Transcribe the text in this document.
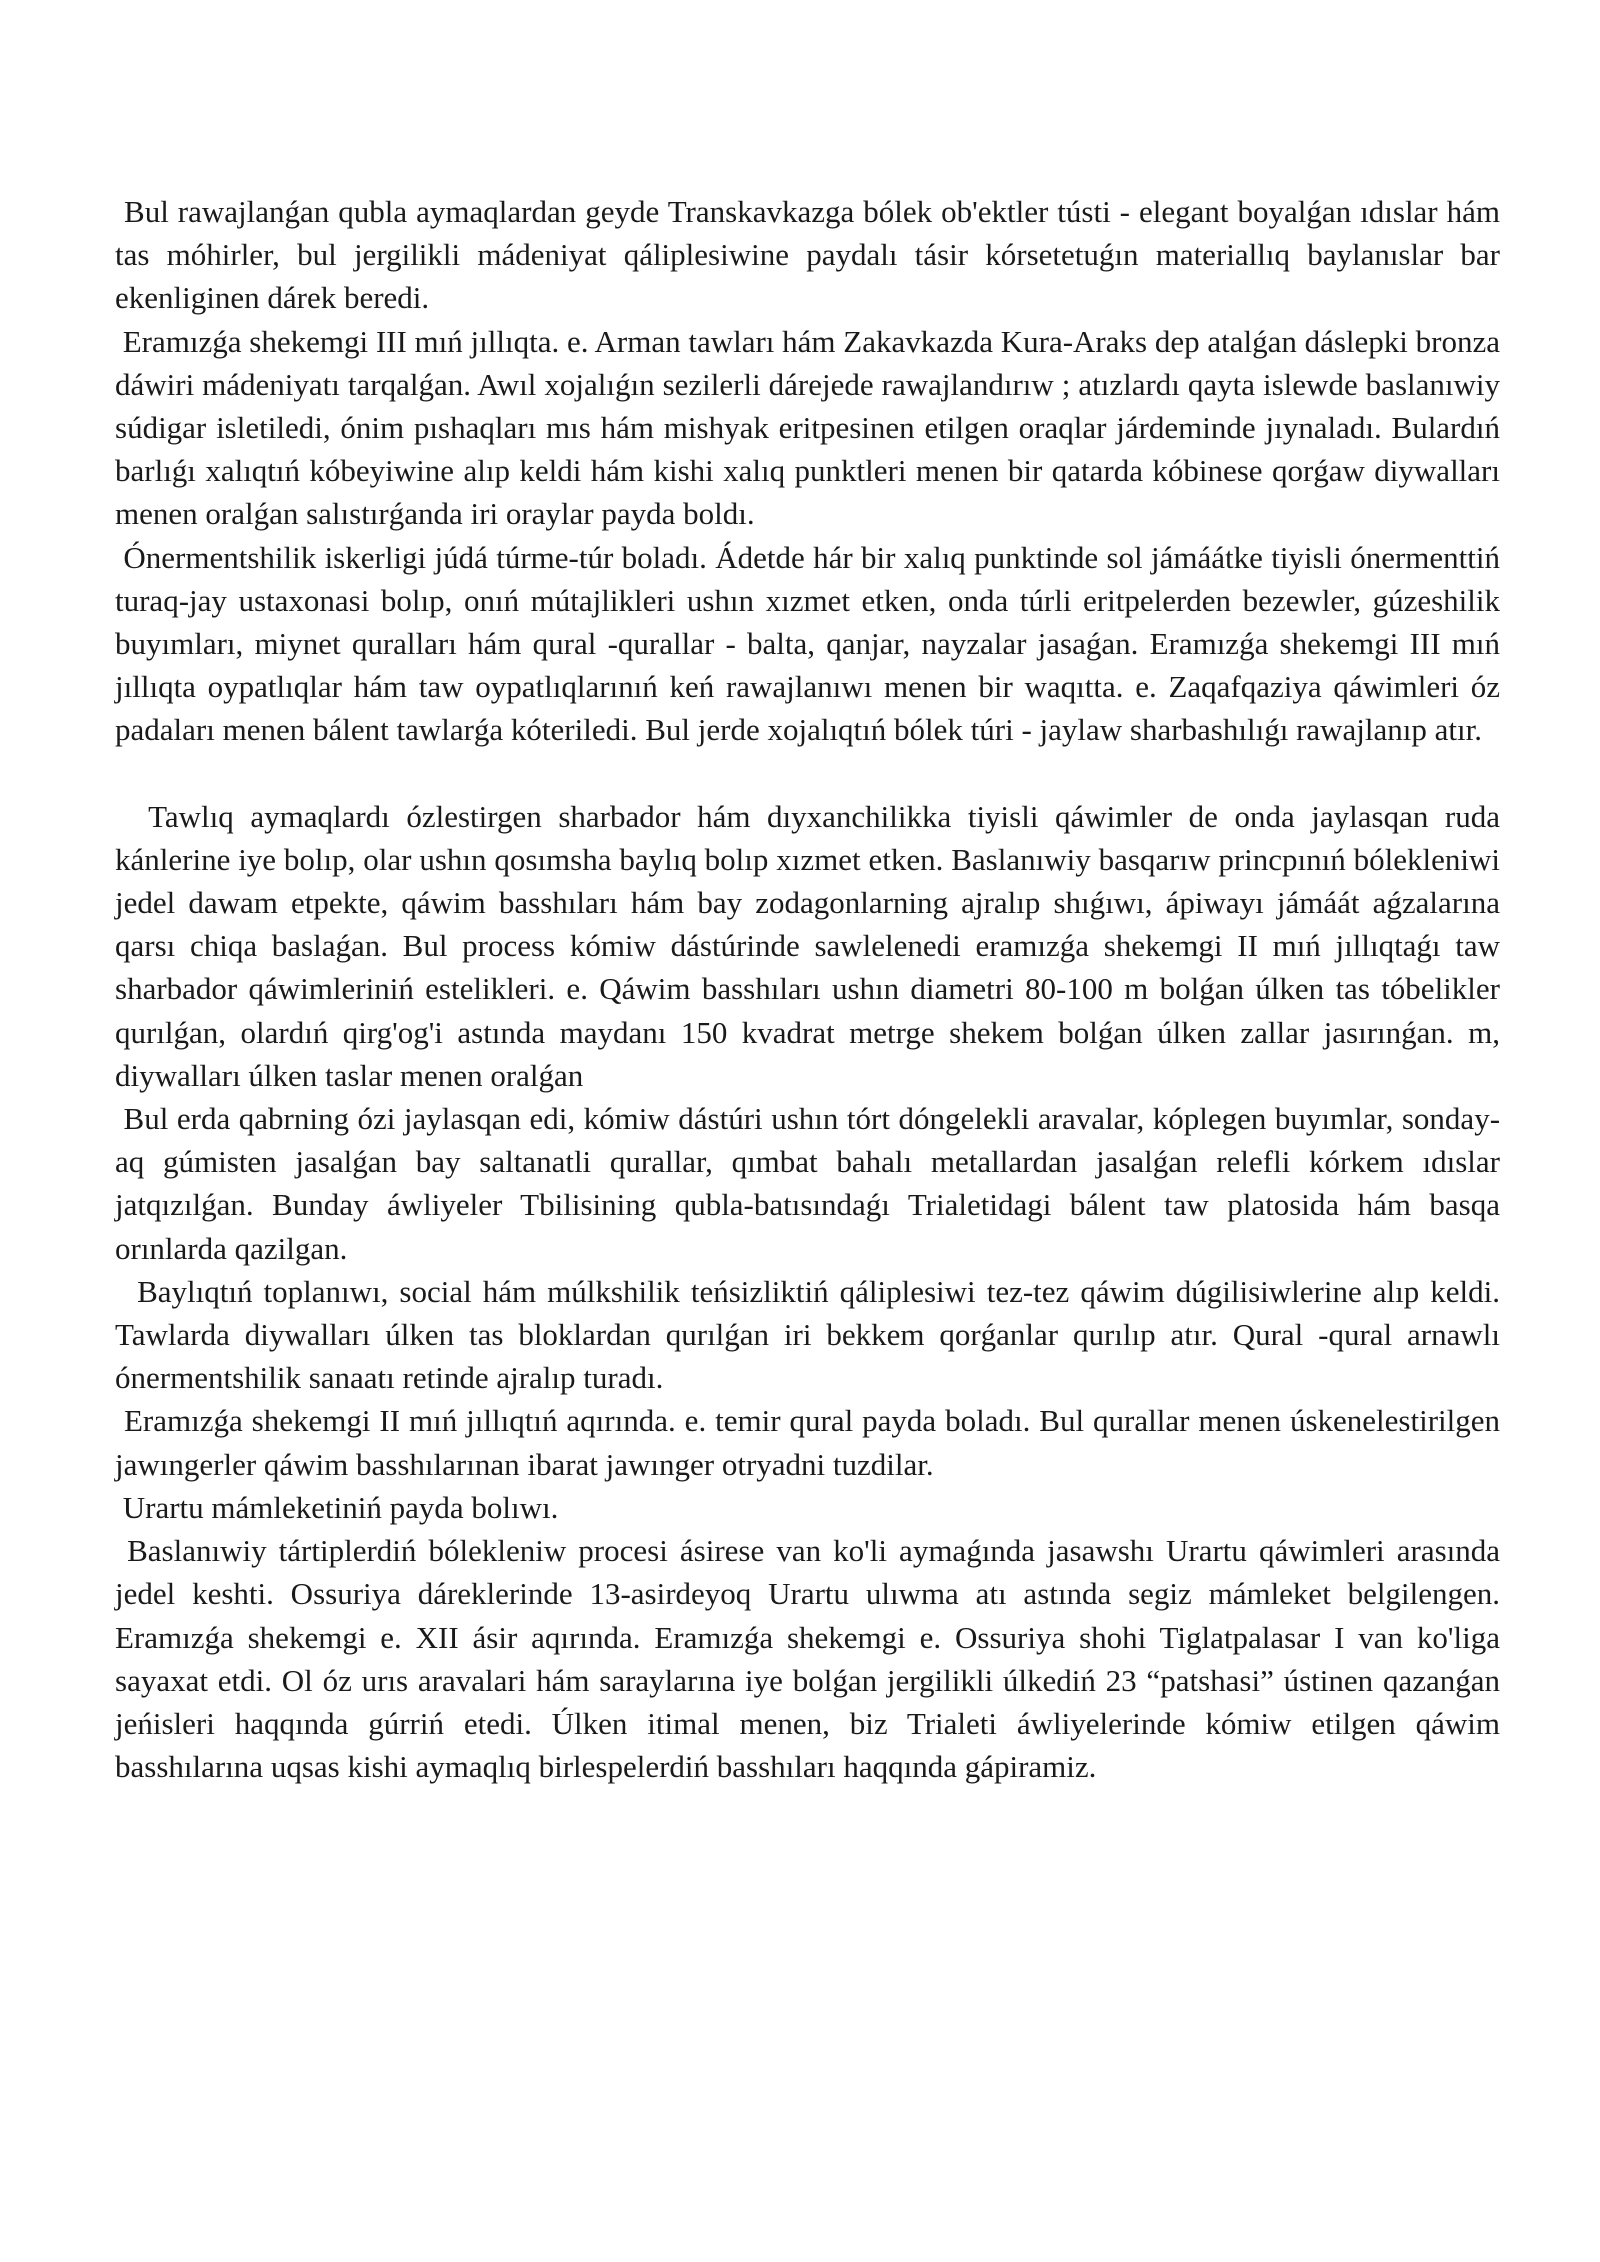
Bul rawajlanǵan qubla aymaqlardan geyde Transkavkazga bólek ob'ektler tústi - elegant boyalǵan ıdıslar hám tas móhirler, bul jergilikli mádeniyat qáliplesiwine paydalı tásir kórsetetuǵın materiallıq baylanıslar bar ekenliginen dárek beredi.

Eramızǵa shekemgi III mıń jıllıqta. e. Arman tawları hám Zakavkazda Kura-Araks dep atalǵan dáslepki bronza dáwiri mádeniyatı tarqalǵan. Awıl xojalıǵın sezilerli dárejede rawajlandırıw ; atızlardı qayta islewde baslanıwiy súdigar isletiledi, ónim pıshaqları mıs hám mishyak eritpesinen etilgen oraqlar járdeminde jıynaladı. Bulardıń barlıǵı xalıqtıń kóbeyiwine alıp keldi hám kishi xalıq punktleri menen bir qatarda kóbinese qorǵaw diywalları menen oralǵan salıstırǵanda iri oraylar payda boldı.

Ónermentshilik iskerligi júdá túrme-túr boladı. Ádetde hár bir xalıq punktinde sol jámáátke tiyisli ónermenttiń turaq-jay ustaxonasi bolıp, onıń mútajlikleri ushın xızmet etken, onda túrli eritpelerden bezewler, gúzeshilik buyımları, miynet quralları hám qural -qurallar - balta, qanjar, nayzalar jasaǵan. Eramızǵa shekemgi III mıń jıllıqta oypatlıqlar hám taw oypatlıqlarınıń keń rawajlanıwı menen bir waqıtta. e. Zaqafqaziya qáwimleri óz padaları menen bálent tawlarǵa kóteriledi. Bul jerde xojalıqtıń bólek túri - jaylaw sharbashılıǵı rawajlanıp atır.

Tawlıq aymaqlardı ózlestirgen sharbador hám dıyxanchilikka tiyisli qáwimler de onda jaylasqan ruda kánlerine iye bolıp, olar ushın qosımsha baylıq bolıp xızmet etken. Baslanıwiy basqarıw princpınıń bólekleniwi jedel dawam etpekte, qáwim basshıları hám bay zodagonlarning ajralıp shıǵıwı, ápiwayı jámáát aǵzalarına qarsı chiqa baslaǵan. Bul process kómiw dástúrinde sawlelenedi eramızǵa shekemgi II mıń jıllıqtaǵı taw sharbador qáwimleriniń estelikleri. e. Qáwim basshıları ushın diametri 80-100 m bolǵan úlken tas tóbelikler qurılǵan, olardıń qirg'og'i astında maydanı 150 kvadrat metrge shekem bolǵan úlken zallar jasırınǵan. m, diywalları úlken taslar menen oralǵan

Bul erda qabrning ózi jaylasqan edi, kómiw dástúri ushın tórt dóngelekli aravalar, kóplegen buyımlar, sonday-aq gúmisten jasalǵan bay saltanatli qurallar, qımbat bahalı metallardan jasalǵan relefli kórkem ıdıslar jatqızılǵan. Bunday áwliyeler Tbilisining qubla-batısındaǵı Trialetidagi bálent taw platosida hám basqa orınlarda qazilgan.

Baylıqtıń toplanıwı, social hám múlkshilik teńsizliktiń qáliplesiwi tez-tez qáwim dúgilisiwlerine alıp keldi. Tawlarda diywalları úlken tas bloklardan qurılǵan iri bekkem qorǵanlar qurılıp atır. Qural -qural arnawlı ónermentshilik sanaatı retinde ajralıp turadı.

Eramızǵa shekemgi II mıń jıllıqtıń aqırında. e. temir qural payda boladı. Bul qurallar menen úskenelestirilgen jawıngerler qáwim basshılarınan ibarat jawınger otryadni tuzdilar.

Urartu mámleketiniń payda bolıwı.

Baslanıwiy tártiplerdiń bólekleniw procesi ásirese van ko'li aymaǵında jasawshı Urartu qáwimleri arasında jedel keshti. Ossuriya dáreklerinde 13-asirdeyoq Urartu ulıwma atı astında segiz mámleket belgilengen. Eramızǵa shekemgi e. XII ásir aqırında. Eramızǵa shekemgi e. Ossuriya shohi Tiglatpalasar I van ko'liga sayaxat etdi. Ol óz urıs aravalari hám saraylarına iye bolǵan jergilikli úlkediń 23 “patshasi” ústinen qazanǵan jeńisleri haqqında gúrriń etedi. Úlken itimal menen, biz Trialeti áwliyelerinde kómiw etilgen qáwim basshılarına uqsas kishi aymaqlıq birlespelerdiń basshıları haqqında gápiramiz.
